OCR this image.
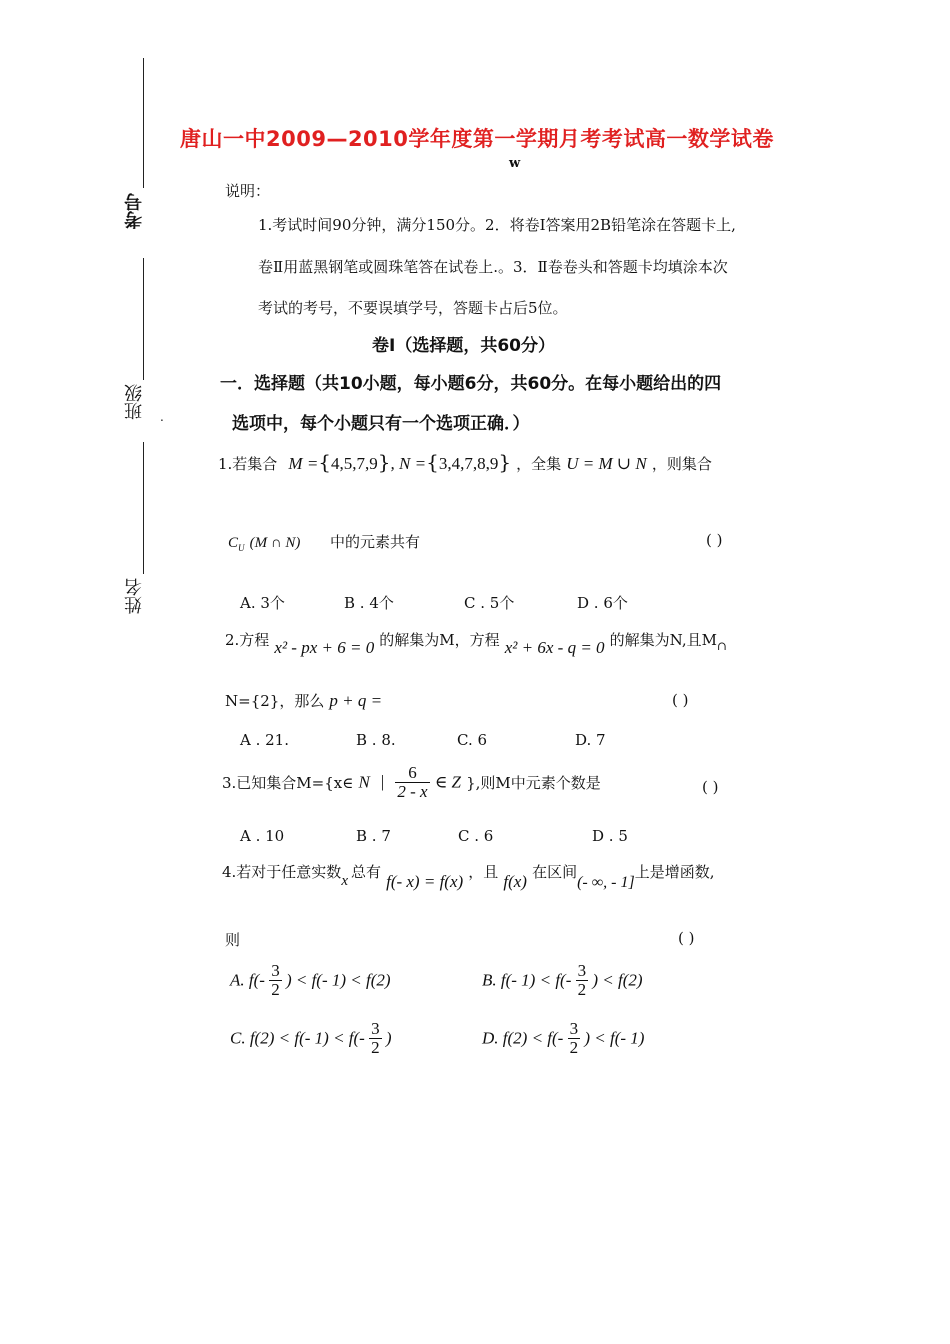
考号
班级 .
姓名
唐山一中2009—2010学年度第一学期月考考试高一数学试卷
w
说明：
1.考试时间90分钟，满分150分。2．将卷Ⅰ答案用2B铅笔涂在答题卡上,
卷Ⅱ用蓝黑钢笔或圆珠笔答在试卷上.。3．Ⅱ卷卷头和答题卡均填涂本次
考试的考号，不要误填学号，答题卡占后5位。
卷Ⅰ（选择题，共60分）
一．选择题（共10小题，每小题6分，共60分。在每小题给出的四
选项中，每个小题只有一个选项正确．）
1.若集合 M ={4,5,7,9}, N ={3,4,7,8,9} ，全集 U = M ∪ N ，则集合
$C_U$ (M ∩ N) 中的元素共有	( )
A. 3个	B . 4个	C . 5个	D . 6个
2.方程 x² - px + 6 = 0 的解集为M，方程 x² + 6x - q = 0 的解集为N,且$M_\cap$
N={2}，那么 p + q =	( )
A . 21.	B . 8.	C. 6	D. 7
3.已知集合M={x∈ N | $\frac{6}{2 - x}$ ∈ Z },则M中元素个数是	( )
A . 10	B . 7	C . 6	D . 5
4.若对于任意实数x 总有 f(- x) = f(x) ，且 f(x) 在区间(- ∞, - 1]上是增函数,
则	( )
A. $f(- \frac{3}{2}$ ) < f(- 1) < f(2)	B. f(- $1) < f(- \frac{3}{2}$ ) < f(2)
C. f(2) < f(- $1) < f(- \frac{3}{2}$ )	D. $f(2) < f(- \frac{3}{2}$ ) < f(- 1)
